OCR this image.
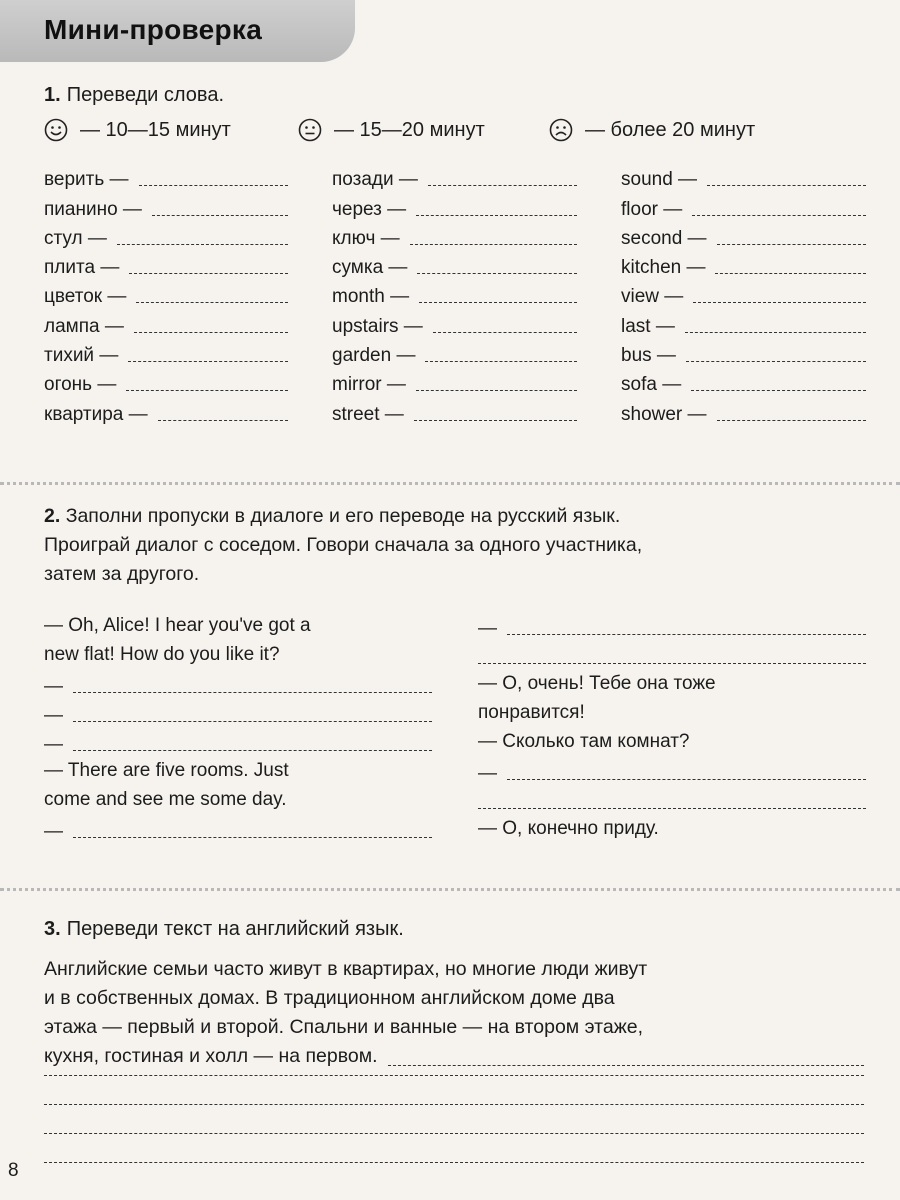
Мини-проверка
1. Переведи слова.
— 10—15 минут	— 15—20 минут	— более 20 минут
верить —
пианино —
стул —
плита —
цветок —
лампа —
тихий —
огонь —
квартира —
позади —
через —
ключ —
сумка —
month —
upstairs —
garden —
mirror —
street —
sound —
floor —
second —
kitchen —
view —
last —
bus —
sofa —
shower —
2. Заполни пропуски в диалоге и его переводе на русский язык.
Проиграй диалог с соседом. Говори сначала за одного участника,
затем за другого.
— Oh, Alice! I hear you've got a
new flat! How do you like it?
—
—
—
— There are five rooms. Just
come and see me some day.
—
—
— О, очень! Тебе она тоже
понравится!
— Сколько там комнат?
—
— О, конечно приду.
3. Переведи текст на английский язык.
Английские семьи часто живут в квартирах, но многие люди живут
и в собственных домах. В традиционном английском доме два
этажа — первый и второй. Спальни и ванные — на втором этаже,
кухня, гостиная и холл — на первом.
8
